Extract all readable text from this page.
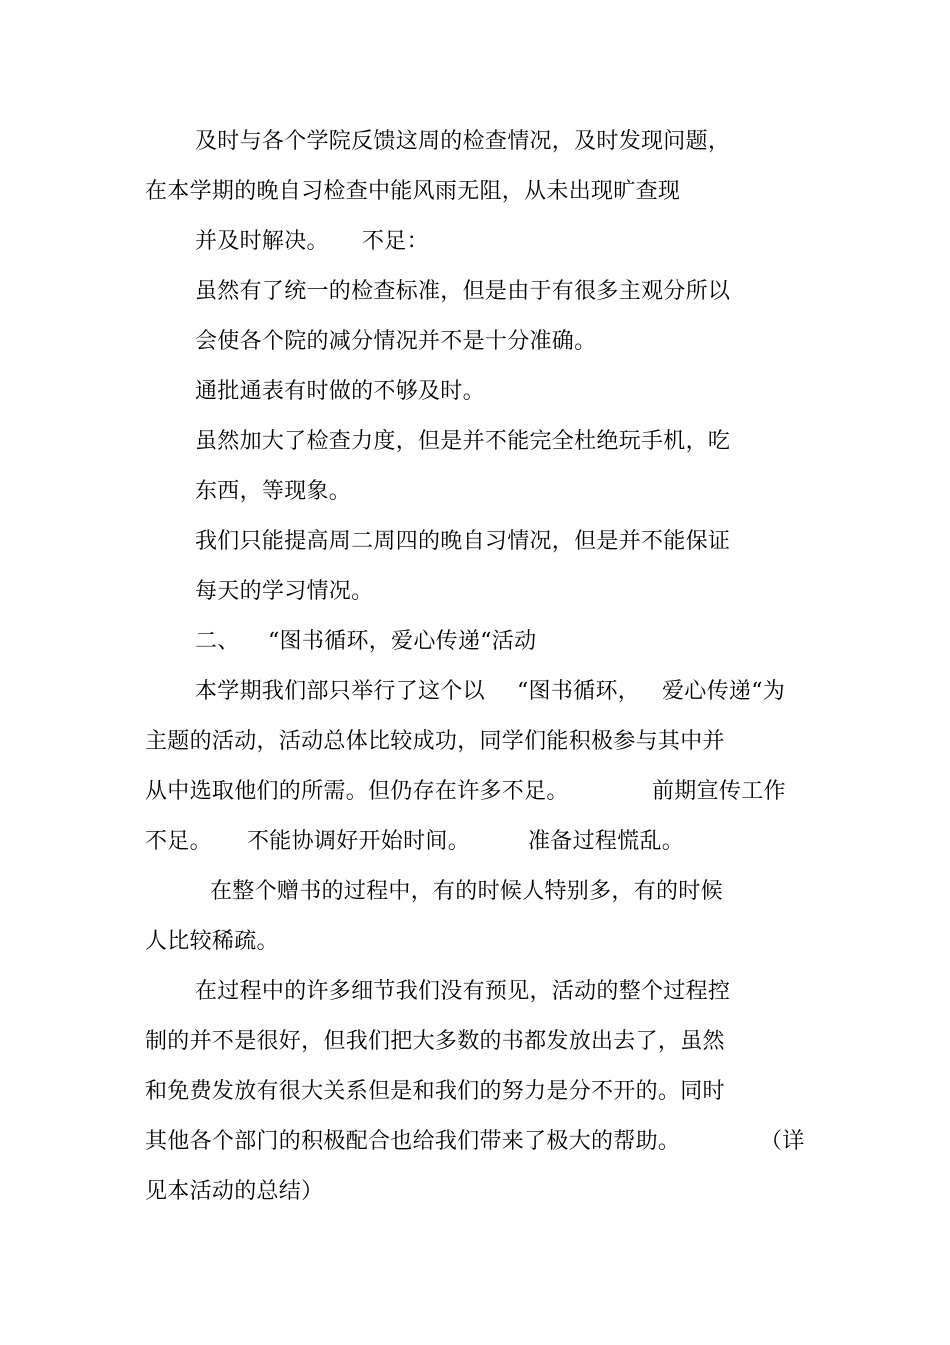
及时与各个学院反馈这周的检查情况，及时发现问题，
在本学期的晚自习检查中能风雨无阻，从未出现旷查现
并及时解决。 不足：
虽然有了统一的检查标准，但是由于有很多主观分所以
会使各个院的减分情况并不是十分准确。
通批通表有时做的不够及时。
虽然加大了检查力度，但是并不能完全杜绝玩手机，吃
东西，等现象。
我们只能提高周二周四的晚自习情况，但是并不能保证
每天的学习情况。
二、 “图书循环，爱心传递“活动
本学期我们部只举行了这个以 “图书循环， 爱心传递“为
主题的活动，活动总体比较成功，同学们能积极参与其中并
从中选取他们的所需。但仍存在许多不足。	前期宣传工作
不足。 不能协调好开始时间。	准备过程慌乱。
在整个赠书的过程中，有的时候人特别多，有的时候
人比较稀疏。
在过程中的许多细节我们没有预见，活动的整个过程控
制的并不是很好，但我们把大多数的书都发放出去了，虽然
和免费发放有很大关系但是和我们的努力是分不开的。同时
其他各个部门的积极配合也给我们带来了极大的帮助。	（详
见本活动的总结）
